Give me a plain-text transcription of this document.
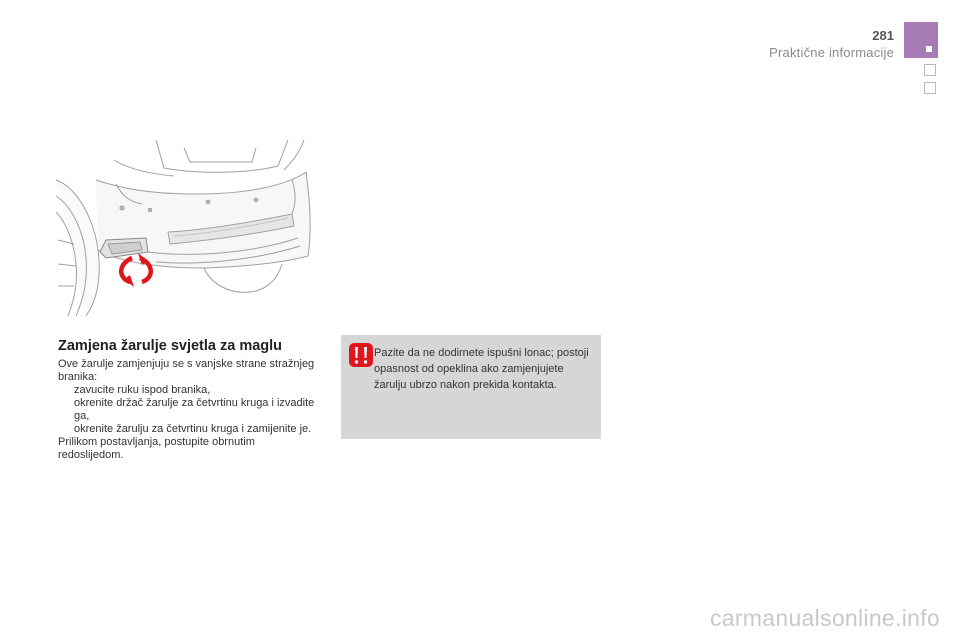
281
Praktične informacije
Zamjena žarulje svjetla za maglu

Ove žarulje zamjenjuju se s vanjske strane stražnjeg branika:

zavucite ruku ispod branika,
okrenite držač žarulje za četvrtinu kruga i izvadite ga,
okrenite žarulju za četvrtinu kruga i zamijenite je.

Prilikom postavljanja, postupite obrnutim redoslijedom.

Pazite da ne dodirnete ispušni lonac; postoji opasnost od opeklina ako zamjenjujete žarulju ubrzo nakon prekida kontakta.
carmanualsonline.info
